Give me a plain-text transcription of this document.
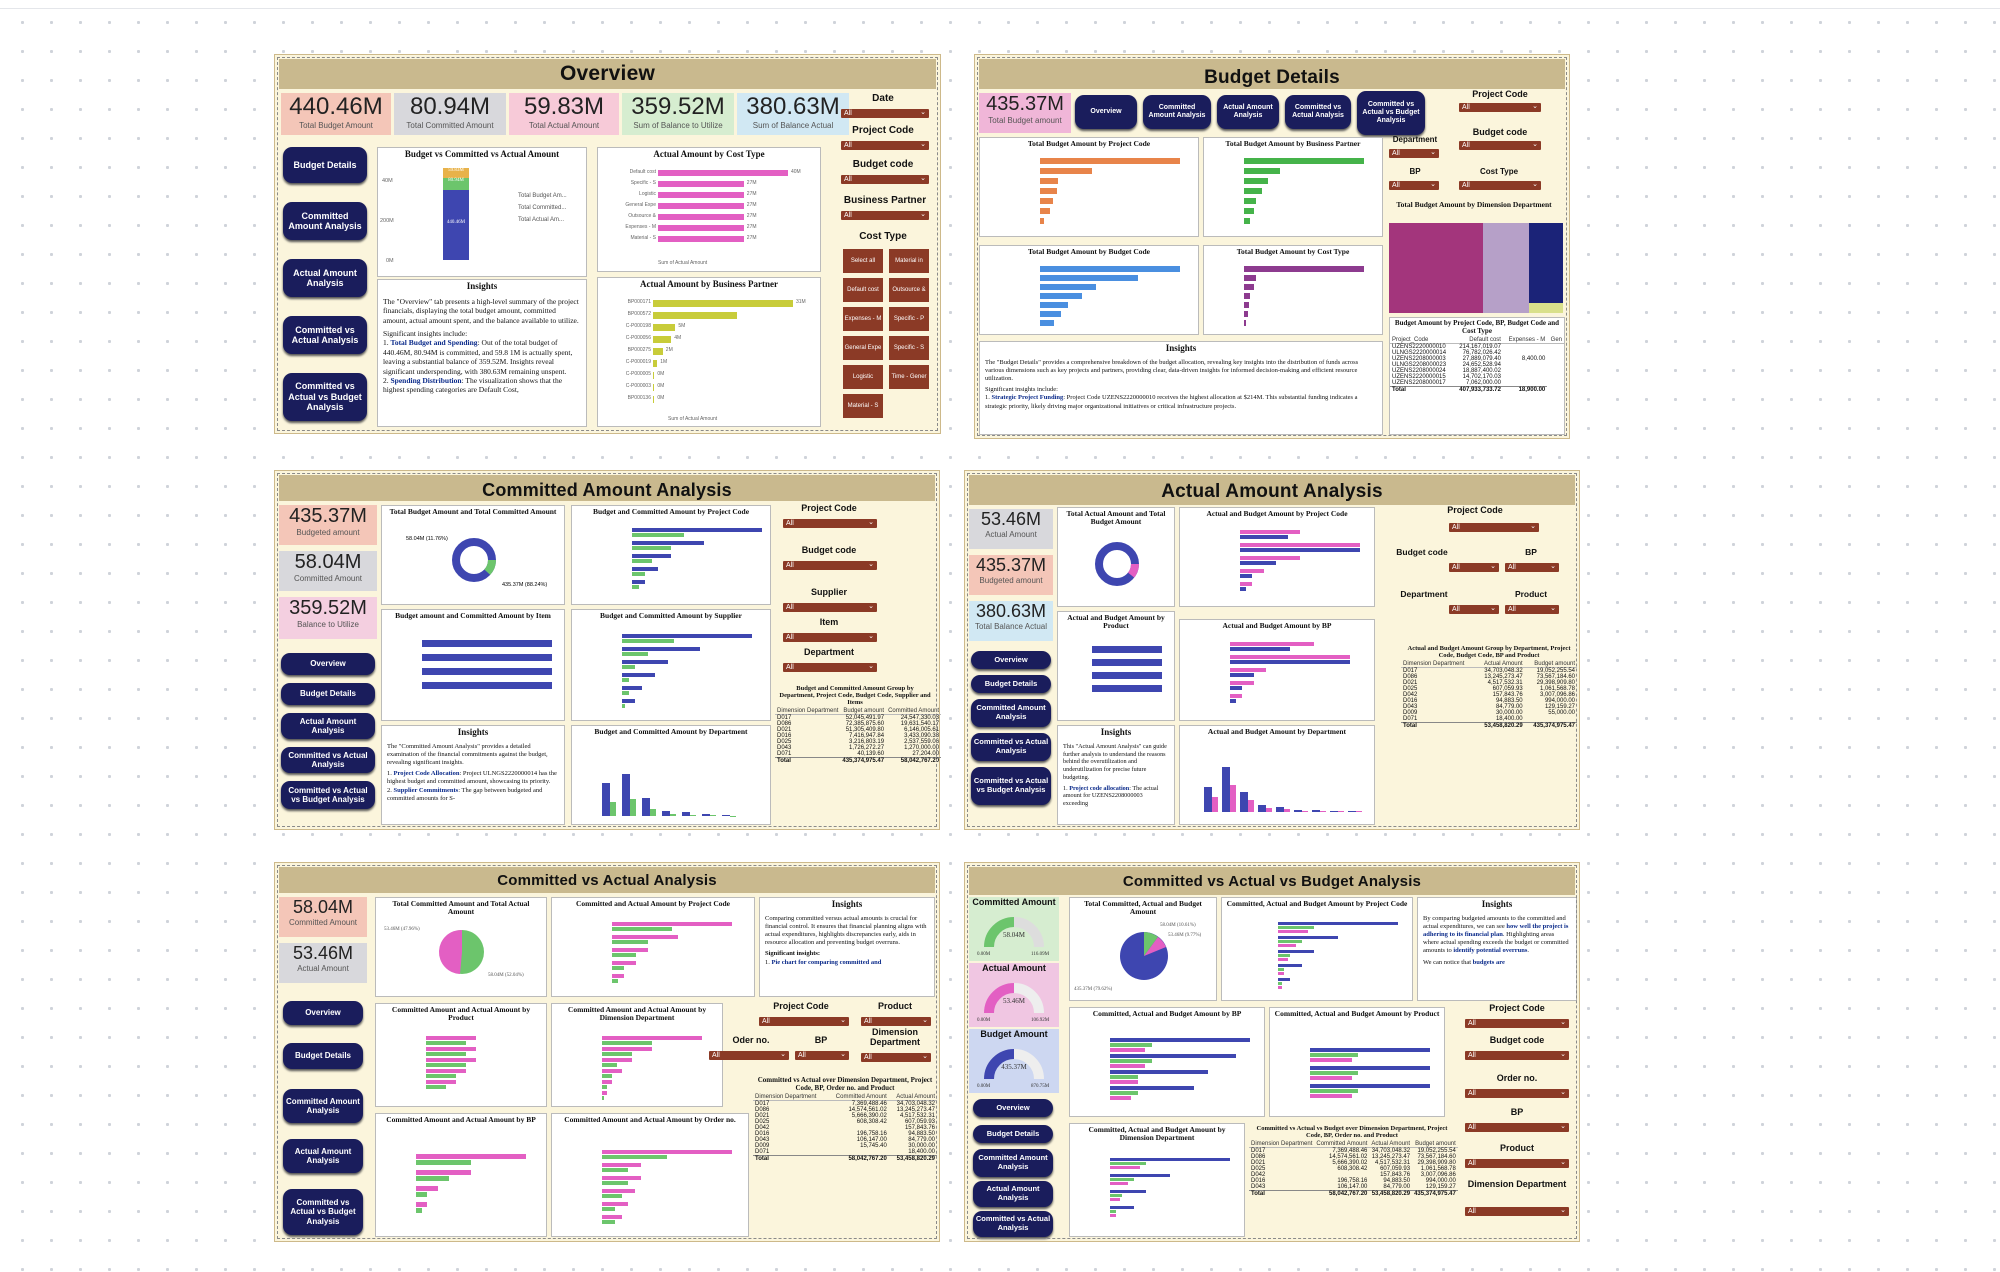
Overview
440.46M
Total Budget Amount
80.94M
Total Committed Amount
59.83M
Total Actual Amount
359.52M
Sum of Balance to Utilize
380.63M
Sum of Balance Actual
Budget Details
Committed Amount Analysis
Actual Amount Analysis
Committed vs Actual Analysis
Committed vs Actual vs Budget Analysis
Budget vs Committed vs Actual Amount
40M
200M
0M
59.83M
80.94M
440.46M
Total Budget Am...
Total Committed...
Total Actual Am...
Insights
The "Overview" tab presents a high-level summary of the project financials, displaying the total budget amount, committed amount, actual amount spent, and the balance available to utilize.
Significant insights include:
1. Total Budget and Spending: Out of the total budget of 440.46M, 80.94M is committed, and 59.8 1M is actually spent, leaving a substantial balance of 359.52M. Insights reveal significant underspending, with 380.63M remaining unspent.
2. Spending Distribution: The visualization shows that the highest spending categories are Default Cost,
Actual Amount by Cost Type
Sum of Actual Amount
Default cost	40M
Specific - S	27M
Logistic	27M
General Expe	27M
Outsource &	27M
Expenses - M	27M
Material - S	27M
Actual Amount by Business Partner
Sum of Actual Amount
BP000171	31M
BP000572
C-P000198	5M
C-P000056	4M
BP000275	2M
C-P000019 1M
C-P000005 0M
C-P000003 0M
BP000136 0M
Date
All ⌄
Project Code
All ⌄
Budget code
All ⌄
Business Partner
All ⌄
Cost Type
Select all	Material in
Default cost	Outsource &
Expenses - M	Specific - P
General Expe	Specific - S
Logistic	Time - Gener
Material - S
Budget Details
435.37M
Total Budget amount
Overview
Committed Amount Analysis
Actual Amount Analysis
Committed vs Actual Analysis
Committed vs Actual vs Budget Analysis
Project Code
All ⌄
Budget code
All ⌄
Department
All ⌄
BP
All ⌄
Cost Type
All ⌄
Total Budget Amount by Project Code	Total Budget Amount by Business Partner
Total Budget Amount by Budget Code	Total Budget Amount by Cost Type
Total Budget Amount by Dimension Department
Budget Amount by Project Code, BP, Budget Code and Cost Type
Project_Code	Default cost	Expenses - M	Gen
UZENS2220000010	214,167,019.07		
ULNGS2220000014	76,782,026.42		
UZENS2208000003	27,889,079.40	8,400.00	
ULNGS2208000023	24,652,528.94		
UZENS2208000024	18,887,400.02		
UZENS2220000015	14,702,170.03		
UZENS2208000017	7,062,000.00		
Total	407,933,733.72	18,900.00	
Insights
The "Budget Details" provides a comprehensive breakdown of the budget allocation, revealing key insights into the distribution of funds across various dimensions such as key projects and partners, providing clear, data-driven insights for informed decision-making and efficient resource utilization.
Significant insights include:
1. Strategic Project Funding: Project Code UZENS2220000010 receives the highest allocation at $214M. This substantial funding indicates a strategic priority, likely driving major organizational initiatives or critical infrastructure projects.
Committed Amount Analysis
435.37M
Budgeted amount
58.04M
Committed Amount
359.52M
Balance to Utilize
Overview
Budget Details
Actual Amount Analysis
Committed vs Actual Analysis
Committed vs Actual vs Budget Analysis
Total Budget Amount and Total Committed Amount
58.04M (11.76%)
435.37M (88.24%)
Budget and Committed Amount by Project Code
Budget amount and Committed Amount by Item	Budget and Committed Amount by Supplier
Insights
The "Committed Amount Analysis" provides a detailed examination of the financial commitments against the budget, revealing significant insights.
1. Project Code Allocation: Project ULNGS2220000014 has the highest budget and committed amount, showcasing its priority.
2. Supplier Commitments: The gap between budgeted and committed amounts for S-
Budget and Committed Amount by Department
Project Code
All ⌄
Budget code
All ⌄
Supplier
All ⌄
Item
All ⌄
Department
All ⌄
Budget and Committed Amount Group by Department, Project Code, Budget Code, Supplier and Items
Dimension Department	Budget amount	Committed Amount
D017	52,045,491.97	24,547,330.03
D086	72,385,875.60	19,631,540.17
D021	51,305,409.80	6,146,005.61
D016	7,416,947.84	3,433,090.33
D025	3,216,803.19	2,537,559.06
D043	1,726,272.27	1,270,000.00
D071	40,139.60	27,204.00
Total	435,374,975.47	58,042,767.20
Actual Amount Analysis
53.46M
Actual Amount
435.37M
Budgeted amount
380.63M
Total Balance Actual
Overview
Budget Details
Committed Amount Analysis
Committed vs Actual Analysis
Committed vs Actual vs Budget Analysis
Total Actual Amount and Total Budget Amount
Actual and Budget Amount by Project Code
Actual and Budget Amount by Product	Actual and Budget Amount by BP
Insights
This "Actual Amount Analysis" can guide further analysis to understand the reasons behind the overutilization and underutilization for precise future budgeting.
1. Project code allocation: The actual amount for UZENS2208000003 exceeding
Actual and Budget Amount by Department
Project Code
All ⌄
Budget code
All ⌄
BP
All ⌄
Department
All ⌄
Product
All ⌄
Actual and Budget Amount Group by Department, Project Code, Budget Code, BP and Product
Dimension Department	Actual Amount	Budget amount
D017	34,703,048.32	19,052,255.54
D086	13,245,273.47	73,567,184.60
D021	4,517,532.31	29,398,909.80
D025	607,059.93	1,061,568.78
D042	157,843.76	3,007,096.86
D016	94,883.50	994,000.00
D043	84,779.00	129,159.27
D009	30,000.00	55,000.00
D071	18,400.00	
Total	53,458,820.29	435,374,975.47
Committed vs Actual Analysis
58.04M
Committed Amount
53.46M
Actual Amount
Overview
Budget Details
Committed Amount Analysis
Actual Amount Analysis
Committed vs Actual vs Budget Analysis
Total Committed Amount and Total Actual Amount
53.46M (47.96%)
58.04M (52.04%)
Committed and Actual Amount by Project Code	Insights
Comparing committed versus actual amounts is crucial for financial control. It ensures that financial planning aligns with actual expenditures, highlights discrepancies early, aids in resource allocation and preventing budget overruns.
Significant insights:
1. Pie chart for comparing committed and
Committed Amount and Actual Amount by Product
Committed Amount and Actual Amount by Dimension Department
Committed Amount and Actual Amount by BP	Committed Amount and Actual Amount by Order no.
Project Code
All ⌄
Product
All ⌄
Oder no.
All ⌄
BP
All ⌄
Dimension Department
All ⌄
Committed vs Actual over Dimension Department, Project Code, BP, Order no. and Product
Dimension Department	Committed Amount	Actual Amount
D017	7,369,488.46	34,703,048.32
D086	14,574,561.02	13,245,273.47
D021	5,666,390.02	4,517,532.31
D025	608,308.42	607,059.93
D042		157,843.76
D016	196,758.16	94,883.50
D043	106,147.00	84,779.00
D009	15,745.40	30,000.00
D071		18,400.00
Total	58,042,767.20	53,458,820.29
Committed vs Actual vs Budget Analysis
Committed Amount
58.04M
0.00M	116.09M
Actual Amount
53.46M
0.00M	106.92M
Budget Amount
435.37M
0.00M	870.75M
Overview
Budget Details
Committed Amount Analysis
Actual Amount Analysis
Committed vs Actual Analysis
Total Committed, Actual and Budget Amount
58.04M (10.61%)
53.46M (9.77%)
435.37M (79.62%)
Committed, Actual and Budget Amount by Project Code	Insights
By comparing budgeted amounts to the committed and actual expenditures, we can see how well the project is adhering to its financial plan. Highlighting areas where actual spending exceeds the budget or committed amounts to identify potential overruns.
We can notice that budgets are
Committed, Actual and Budget Amount by BP	Committed, Actual and Budget Amount by Product
Committed, Actual and Budget Amount by Dimension Department
Committed vs Actual vs Budget over Dimension Department, Project Code, BP, Order no. and Product
Dimension Department	Committed Amount	Actual Amount	Budget amount
D017	7,369,488.46	34,703,048.32	19,052,255.54
D086	14,574,561.02	13,245,273.47	73,567,184.60
D021	5,666,390.02	4,517,532.31	29,398,909.80
D025	608,308.42	607,059.93	1,061,568.78
D042		157,843.76	3,007,096.86
D016	196,758.16	94,883.50	994,000.00
D043	106,147.00	84,779.00	129,159.27
Total	58,042,767.20	53,458,820.29	435,374,975.47
Project Code
All ⌄
Budget code
All ⌄
Order no.
All ⌄
BP
All ⌄
Product
All ⌄
Dimension Department
All ⌄
